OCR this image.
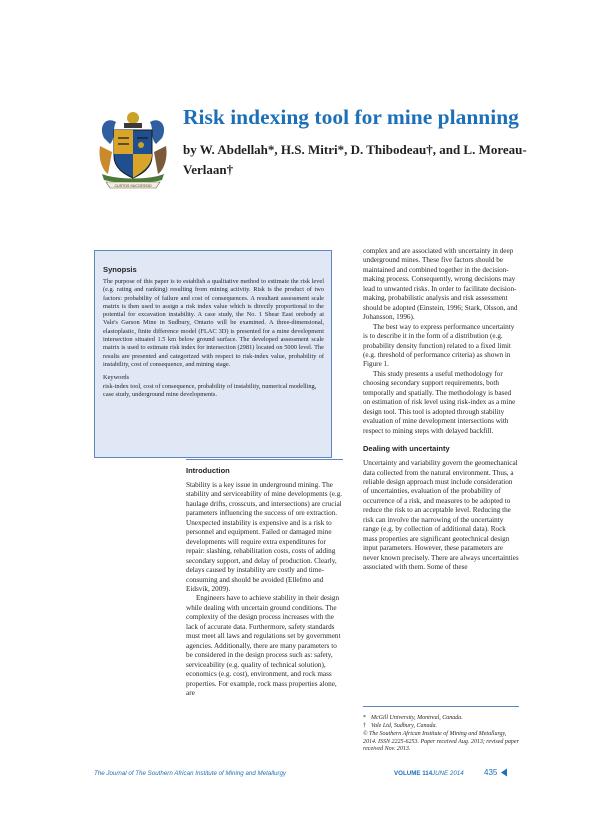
CUSTOS SUCCESSIO
Risk indexing tool for mine planning
by W. Abdellah*, H.S. Mitri*, D. Thibodeau†, and L. Moreau-Verlaan†

Synopsis

The purpose of this paper is to establish a qualitative method to estimate the risk level (e.g. rating and ranking) resulting from mining activity. Risk is the product of two factors: probability of failure and cost of consequences. A resultant assessment scale matrix is then used to assign a risk index value which is directly proportional to the potential for excavation instability. A case study, the No. 1 Shear East orebody at Vale's Garson Mine in Sudbury, Ontario will be examined. A three-dimensional, elastoplastic, finite difference model (FLAC 3D) is presented for a mine development intersection situated 1.5 km below ground surface. The developed assessment scale matrix is used to estimate risk index for intersection (2981) located on 5000 level. The results are presented and categorized with respect to risk-index value, probability of instability, cost of consequence, and mining stage.

Keywords

risk-index tool, cost of consequence, probability of instability, numerical modelling, case study, underground mine developments.

Introduction

Stability is a key issue in underground mining. The stability and serviceability of mine developments (e.g. haulage drifts, crosscuts, and intersections) are crucial parameters influencing the success of ore extraction. Unexpected instability is expensive and is a risk to personnel and equipment. Failed or damaged mine developments will require extra expenditures for repair: slashing, rehabilitation costs, costs of adding secondary support, and delay of production. Clearly, delays caused by instability are costly and time-consuming and should be avoided (Ellefmo and Eidsvik, 2009).

Engineers have to achieve stability in their design while dealing with uncertain ground conditions. The complexity of the design process increases with the lack of accurate data. Furthermore, safety standards must meet all laws and regulations set by government agencies. Additionally, there are many parameters to be considered in the design process such as: safety, serviceability (e.g. quality of technical solution), economics (e.g. cost), environment, and rock mass properties. For example, rock mass properties alone, are

complex and are associated with uncertainty in deep underground mines. These five factors should be maintained and combined together in the decision-making process. Consequently, wrong decisions may lead to unwanted risks. In order to facilitate decision-making, probabilistic analysis and risk assessment should be adopted (Einstein, 1996; Stark, Olsson, and Johansson, 1996).

The best way to express performance uncertainty is to describe it in the form of a distribution (e.g. probability density function) related to a fixed limit (e.g. threshold of performance criteria) as shown in Figure 1.

This study presents a useful methodology for choosing secondary support requirements, both temporally and spatially. The methodology is based on estimation of risk level using risk-index as a mine design tool. This tool is adopted through stability evaluation of mine development intersections with respect to mining steps with delayed backfill.

Dealing with uncertainty

Uncertainty and variability govern the geomechanical data collected from the natural environment. Thus, a reliable design approach must include consideration of uncertainties, evaluation of the probability of occurrence of a risk, and measures to be adopted to reduce the risk to an acceptable level. Reducing the risk can involve the narrowing of the uncertainty range (e.g. by collection of additional data). Rock mass properties are significant geotechnical design input parameters. However, these parameters are never known precisely. There are always uncertainties associated with them. Some of these

* McGill University, Montreal, Canada.

† Vale Ltd, Sudbury, Canada.

© The Southern African Institute of Mining and Metallurgy, 2014. ISSN 2225-6253. Paper received Aug. 2013; revised paper received Nov. 2013.

The Journal of The Southern African Institute of Mining and Metallurgy	VOLUME 114 JUNE 2014	435
